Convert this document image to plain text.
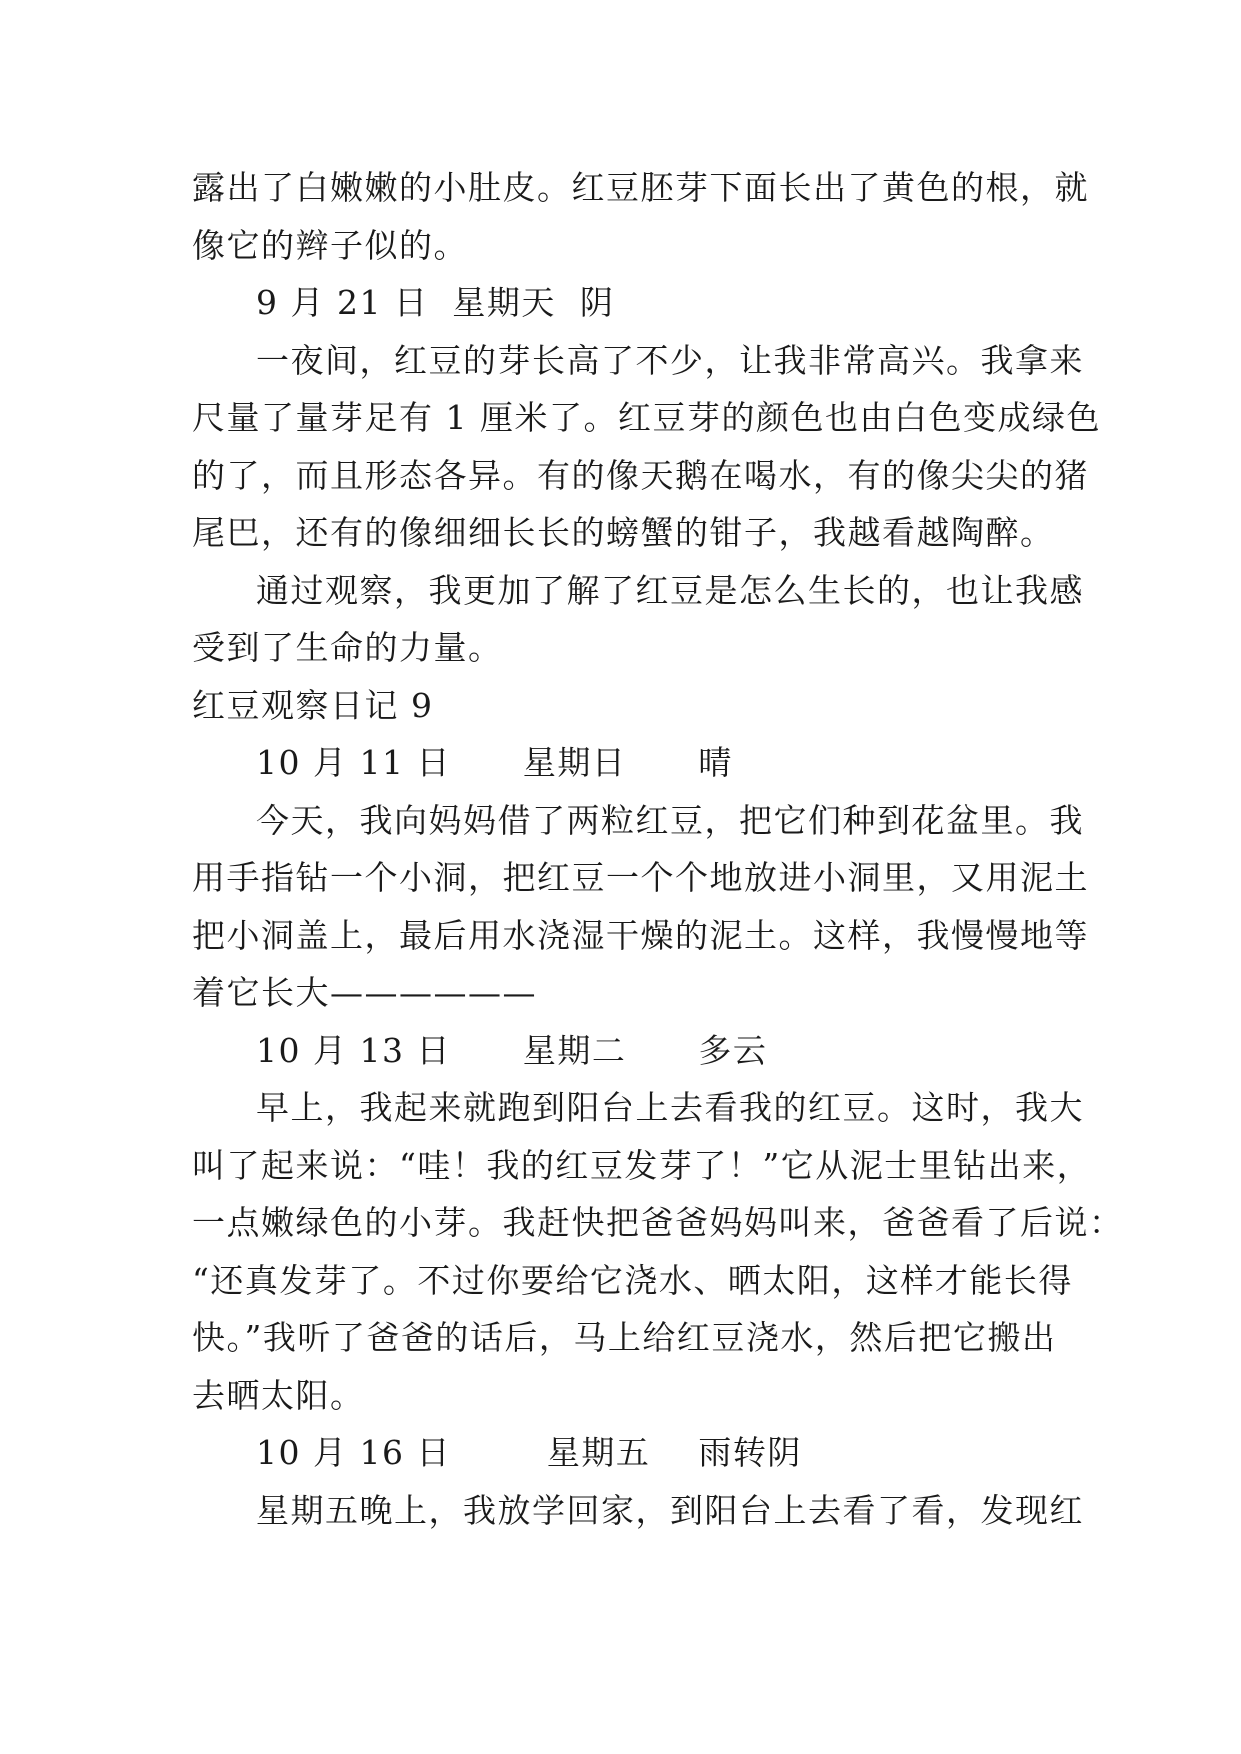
露出了白嫩嫩的小肚皮。红豆胚芽下面长出了黄色的根，就
像它的辫子似的。
9 月 21 日  星期天  阴
一夜间，红豆的芽长高了不少，让我非常高兴。我拿来
尺量了量芽足有 1 厘米了。红豆芽的颜色也由白色变成绿色
的了，而且形态各异。有的像天鹅在喝水，有的像尖尖的猪
尾巴，还有的像细细长长的螃蟹的钳子，我越看越陶醉。
通过观察，我更加了解了红豆是怎么生长的，也让我感
受到了生命的力量。
红豆观察日记 9
10 月 11 日      星期日      晴
今天，我向妈妈借了两粒红豆，把它们种到花盆里。我
用手指钻一个小洞，把红豆一个个地放进小洞里，又用泥土
把小洞盖上，最后用水浇湿干燥的泥土。这样，我慢慢地等
着它长大——————
10 月 13 日      星期二      多云
早上，我起来就跑到阳台上去看我的红豆。这时，我大
叫了起来说：“哇！我的红豆发芽了！”它从泥士里钻出来，
一点嫩绿色的小芽。我赶快把爸爸妈妈叫来，爸爸看了后说：
“还真发芽了。不过你要给它浇水、晒太阳，这样才能长得
快。”我听了爸爸的话后，马上给红豆浇水，然后把它搬出
去晒太阳。
10 月 16 日        星期五    雨转阴
星期五晚上，我放学回家，到阳台上去看了看，发现红
